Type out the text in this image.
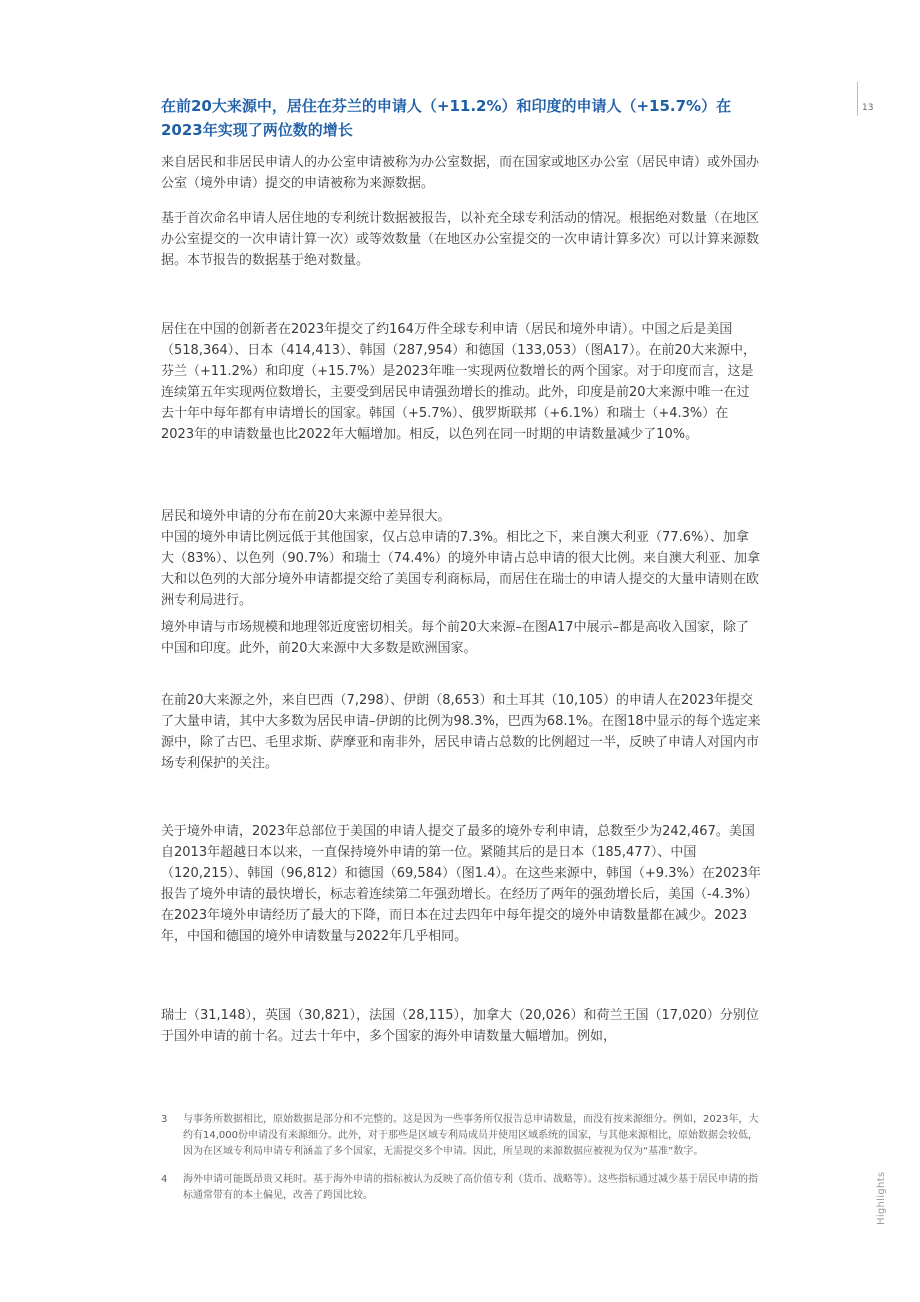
13
在前20大来源中，居住在芬兰的申请人（+11.2%）和印度的申请人（+15.7%）在2023年实现了两位数的增长

来自居民和非居民申请人的办公室申请被称为办公室数据，而在国家或地区办公室（居民申请）或外国办公室（境外申请）提交的申请被称为来源数据。

基于首次命名申请人居住地的专利统计数据被报告，以补充全球专利活动的情况。根据绝对数量（在地区办公室提交的一次申请计算一次）或等效数量（在地区办公室提交的一次申请计算多次）可以计算来源数据。本节报告的数据基于绝对数量。

居住在中国的创新者在2023年提交了约164万件全球专利申请（居民和境外申请）。中国之后是美国（518,364）、日本（414,413）、韩国（287,954）和德国（133,053）（图A17）。在前20大来源中，芬兰（+11.2%）和印度（+15.7%）是2023年唯一实现两位数增长的两个国家。对于印度而言，这是连续第五年实现两位数增长，主要受到居民申请强劲增长的推动。此外，印度是前20大来源中唯一在过去十年中每年都有申请增长的国家。韩国（+5.7%）、俄罗斯联邦（+6.1%）和瑞士（+4.3%）在2023年的申请数量也比2022年大幅增加。相反，以色列在同一时期的申请数量减少了10%。

居民和境外申请的分布在前20大来源中差异很大。

中国的境外申请比例远低于其他国家，仅占总申请的7.3%。相比之下，来自澳大利亚（77.6%）、加拿大（83%）、以色列（90.7%）和瑞士（74.4%）的境外申请占总申请的很大比例。来自澳大利亚、加拿大和以色列的大部分境外申请都提交给了美国专利商标局，而居住在瑞士的申请人提交的大量申请则在欧洲专利局进行。

境外申请与市场规模和地理邻近度密切相关。每个前20大来源–在图A17中展示–都是高收入国家，除了中国和印度。此外，前20大来源中大多数是欧洲国家。

在前20大来源之外，来自巴西（7,298）、伊朗（8,653）和土耳其（10,105）的申请人在2023年提交了大量申请，其中大多数为居民申请–伊朗的比例为98.3%，巴西为68.1%。在图18中显示的每个选定来源中，除了古巴、毛里求斯、萨摩亚和南非外，居民申请占总数的比例超过一半，反映了申请人对国内市场专利保护的关注。

关于境外申请，2023年总部位于美国的申请人提交了最多的境外专利申请，总数至少为242,467。美国自2013年超越日本以来，一直保持境外申请的第一位。紧随其后的是日本（185,477）、中国（120,215）、韩国（96,812）和德国（69,584）（图1.4）。在这些来源中，韩国（+9.3%）在2023年报告了境外申请的最快增长，标志着连续第二年强劲增长。在经历了两年的强劲增长后，美国（-4.3%）在2023年境外申请经历了最大的下降，而日本在过去四年中每年提交的境外申请数量都在减少。2023年，中国和德国的境外申请数量与2022年几乎相同。

瑞士（31,148），英国（30,821），法国（28,115），加拿大（20,026）和荷兰王国（17,020）分别位于国外申请的前十名。过去十年中，多个国家的海外申请数量大幅增加。例如，

3	与事务所数据相比，原始数据是部分和不完整的。这是因为一些事务所仅报告总申请数量，而没有按来源细分。例如，2023年，大约有14,000份申请没有来源细分。此外，对于那些是区域专利局成员并使用区域系统的国家，与其他来源相比，原始数据会较低，因为在区域专利局申请专利涵盖了多个国家，无需提交多个申请。因此，所呈现的来源数据应被视为仅为“基准”数字。
4	海外申请可能既昂贵又耗时。基于海外申请的指标被认为反映了高价值专利（货币、战略等）。这些指标通过减少基于居民申请的指标通常带有的本土偏见，改善了跨国比较。	Highlights
